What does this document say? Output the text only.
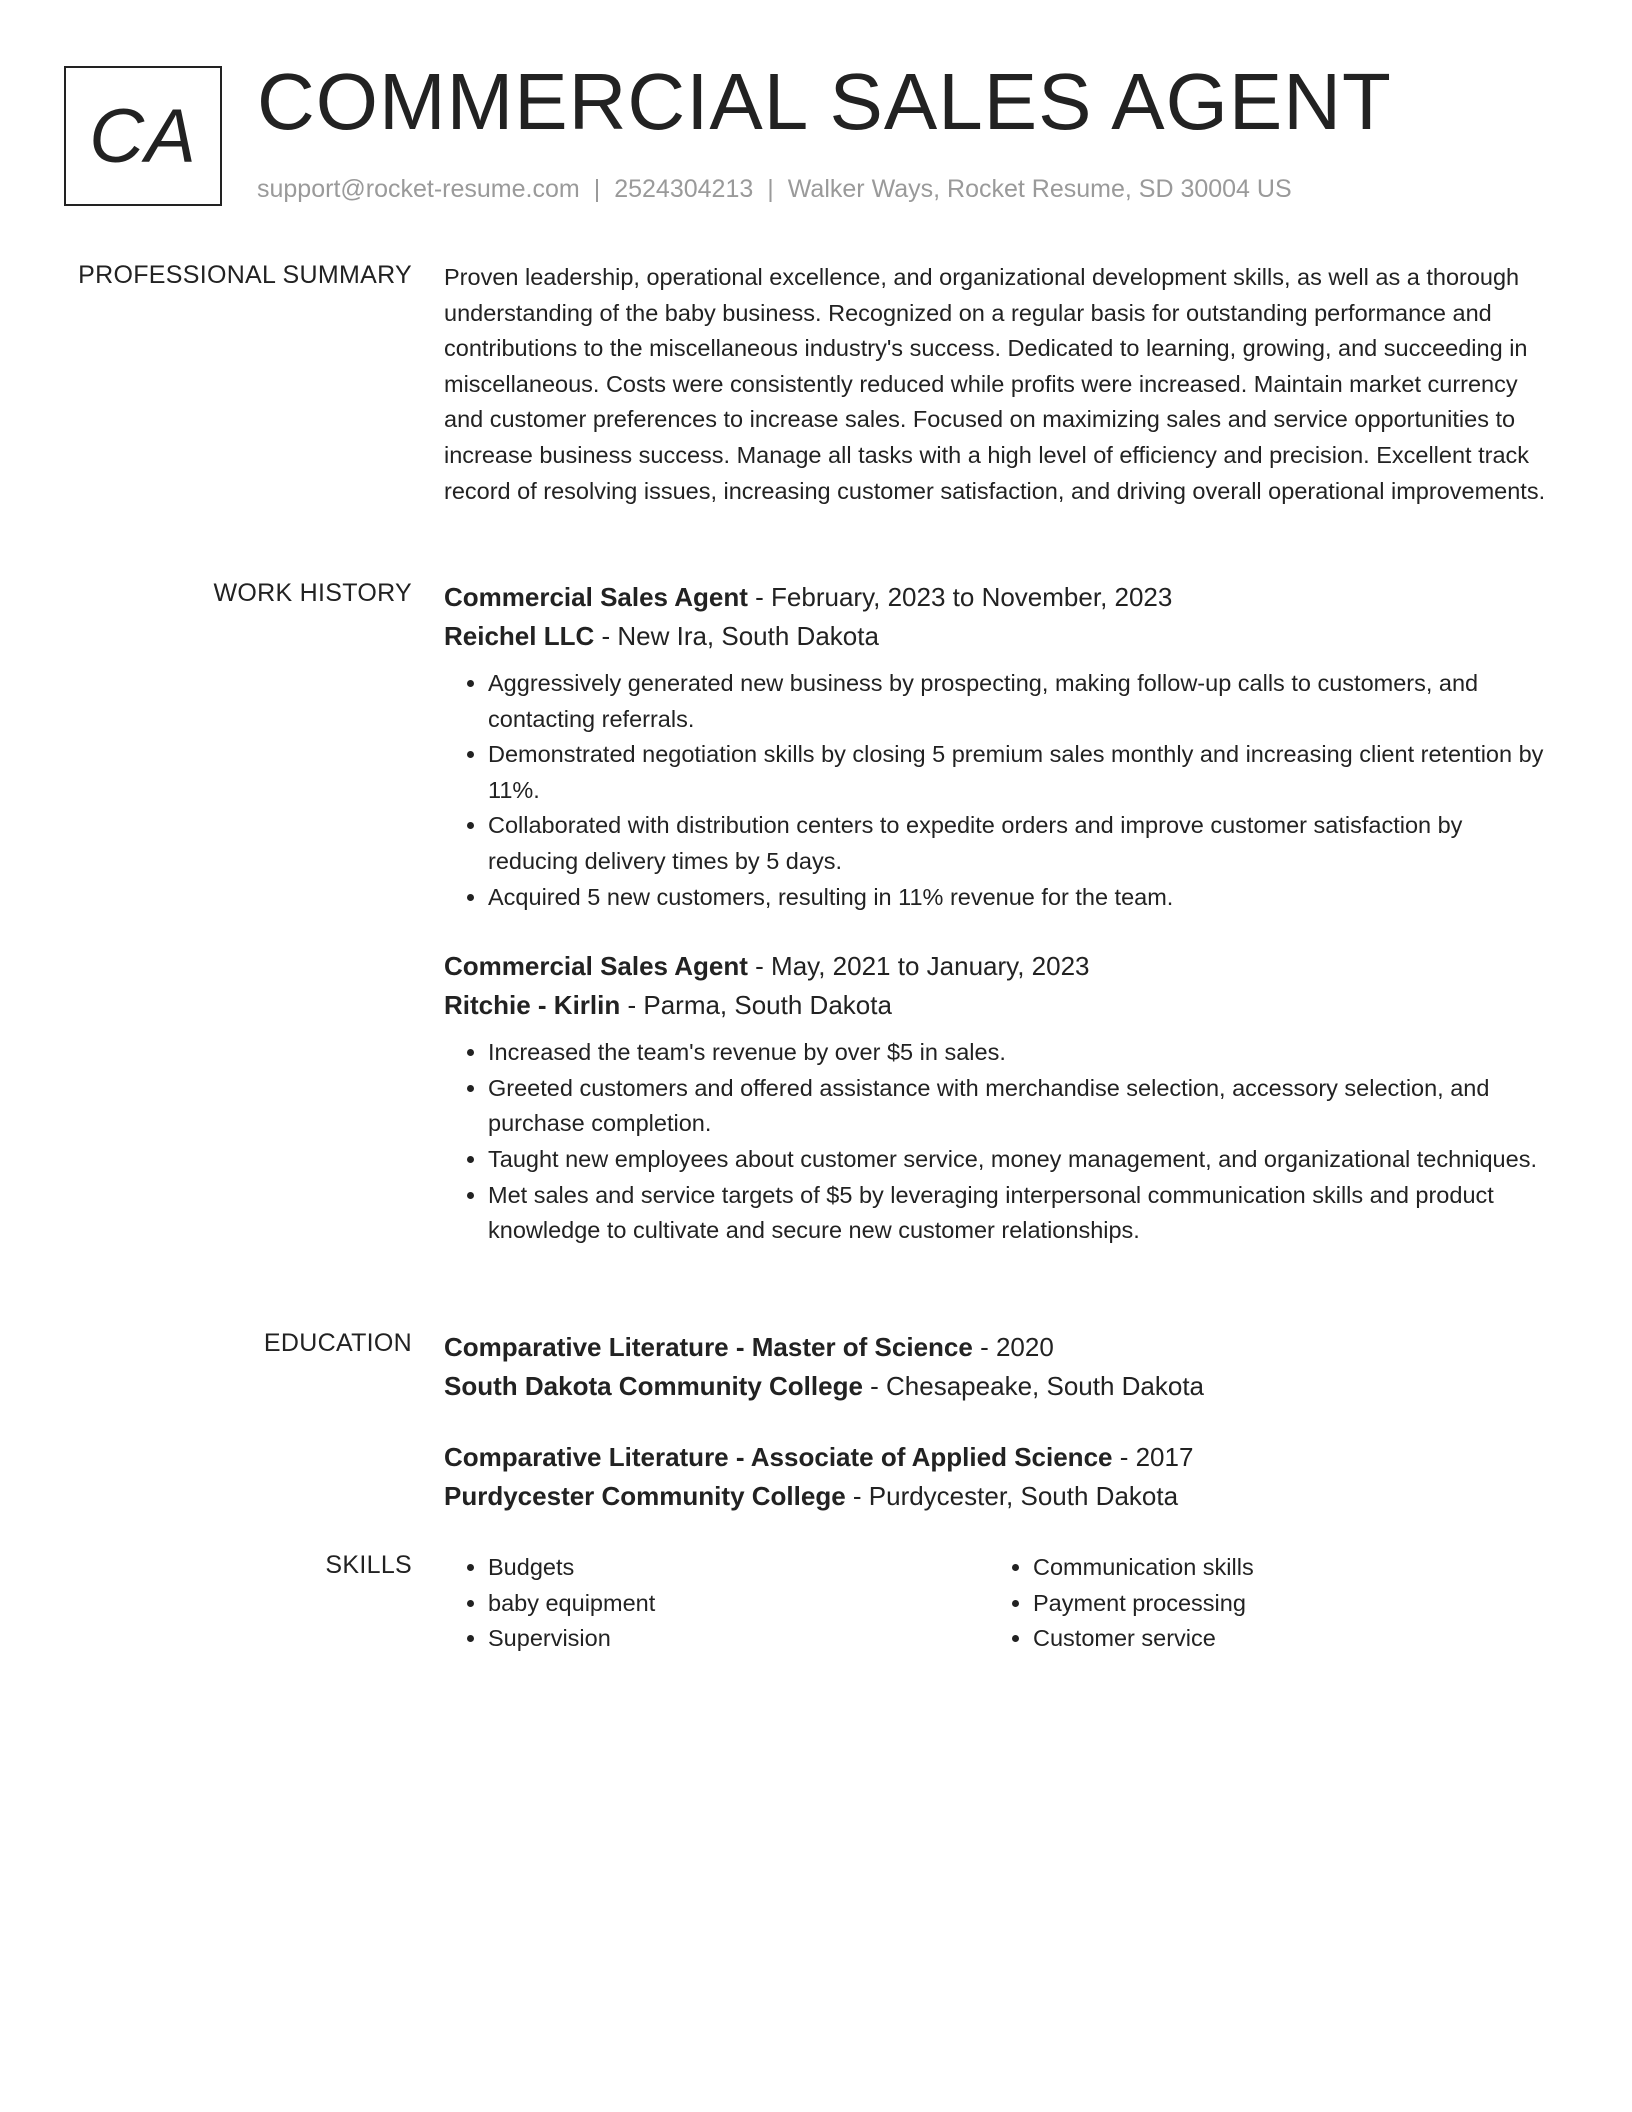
CA COMMERCIAL SALES AGENT
support@rocket-resume.com | 2524304213 | Walker Ways, Rocket Resume, SD 30004 US
PROFESSIONAL SUMMARY Proven leadership, operational excellence, and organizational development skills, as well as a thorough understanding of the baby business. Recognized on a regular basis for outstanding performance and contributions to the miscellaneous industry's success. Dedicated to learning, growing, and succeeding in miscellaneous. Costs were consistently reduced while profits were increased. Maintain market currency and customer preferences to increase sales. Focused on maximizing sales and service opportunities to increase business success. Manage all tasks with a high level of efficiency and precision. Excellent track record of resolving issues, increasing customer satisfaction, and driving overall operational improvements.

WORK HISTORY Commercial Sales Agent - February, 2023 to November, 2023

Reichel LLC - New Ira, South Dakota

• Aggressively generated new business by prospecting, making follow-up calls to customers, and contacting referrals.
• Demonstrated negotiation skills by closing 5 premium sales monthly and increasing client retention by 11%.
• Collaborated with distribution centers to expedite orders and improve customer satisfaction by reducing delivery times by 5 days.
• Acquired 5 new customers, resulting in 11% revenue for the team.

Commercial Sales Agent - May, 2021 to January, 2023

Ritchie - Kirlin - Parma, South Dakota

• Increased the team's revenue by over $5 in sales.
• Greeted customers and offered assistance with merchandise selection, accessory selection, and purchase completion.
• Taught new employees about customer service, money management, and organizational techniques.
• Met sales and service targets of $5 by leveraging interpersonal communication skills and product knowledge to cultivate and secure new customer relationships.
EDUCATION Comparative Literature - Master of Science - 2020

South Dakota Community College - Chesapeake, South Dakota

Comparative Literature - Associate of Applied Science - 2017

Purdycester Community College - Purdycester, South Dakota

SKILLS
•	Budgets
• baby equipment
• Supervision
• Communication skills
• Payment processing
• Customer service
